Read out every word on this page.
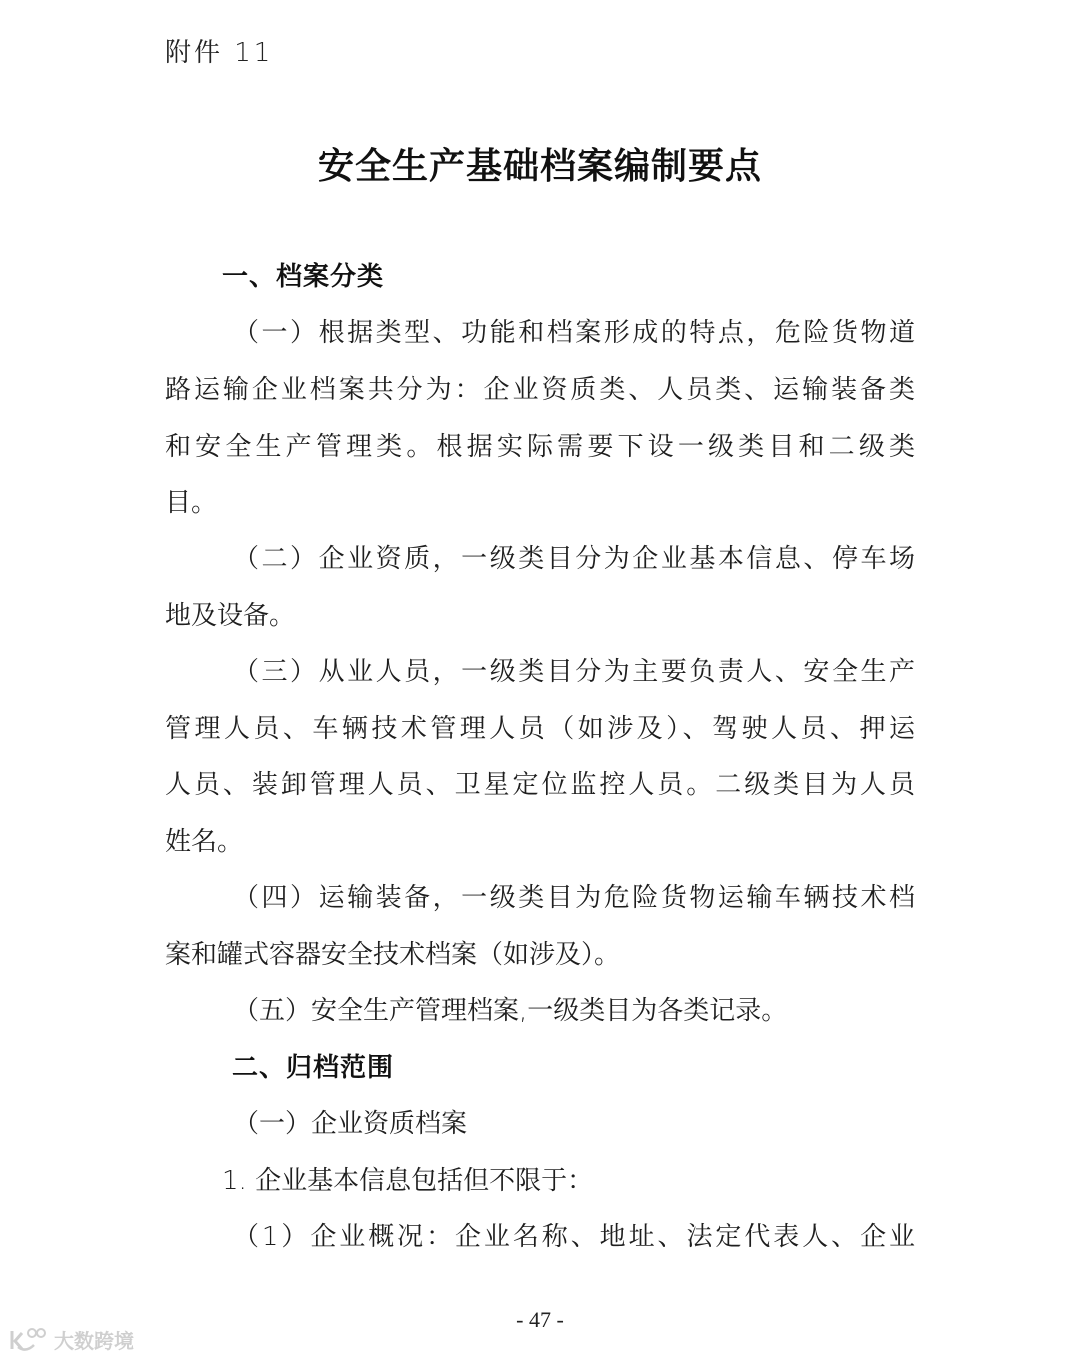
附件 11
安全生产基础档案编制要点
一、档案分类
（一）根据类型、功能和档案形成的特点，危险货物道
路运输企业档案共分为：企业资质类、人员类、运输装备类
和安全生产管理类。根据实际需要下设一级类目和二级类
目。
（二）企业资质，一级类目分为企业基本信息、停车场
地及设备。
（三）从业人员，一级类目分为主要负责人、安全生产
管理人员、车辆技术管理人员（如涉及）、驾驶人员、押运
人员、装卸管理人员、卫星定位监控人员。二级类目为人员
姓名。
（四）运输装备，一级类目为危险货物运输车辆技术档
案和罐式容器安全技术档案（如涉及）。
（五）安全生产管理档案,一级类目为各类记录。
二、归档范围
（一）企业资质档案
1. 企业基本信息包括但不限于：
（1）企业概况：企业名称、地址、法定代表人、企业
- 47 -
大数跨境
